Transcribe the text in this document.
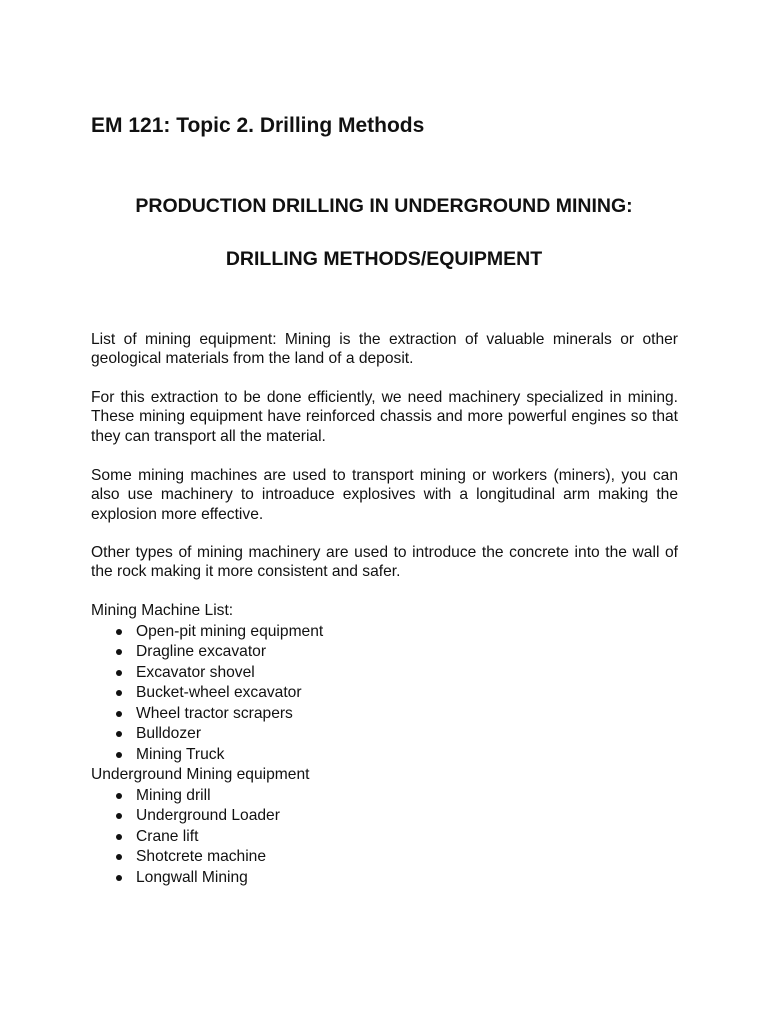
EM 121: Topic 2. Drilling Methods
PRODUCTION DRILLING IN UNDERGROUND MINING:
DRILLING METHODS/EQUIPMENT

List of mining equipment: Mining is the extraction of valuable minerals or other geological materials from the land of a deposit.

For this extraction to be done efficiently, we need machinery specialized in mining. These mining equipment have reinforced chassis and more powerful engines so that they can transport all the material.

Some mining machines are used to transport mining or workers (miners), you can also use machinery to introaduce explosives with a longitudinal arm making the explosion more effective.

Other types of mining machinery are used to introduce the concrete into the wall of the rock making it more consistent and safer.

Mining Machine List:

Open-pit mining equipment
Dragline excavator
Excavator shovel
Bucket-wheel excavator
Wheel tractor scrapers
Bulldozer
Mining Truck

Underground Mining equipment

Mining drill
Underground Loader
Crane lift
Shotcrete machine
Longwall Mining
